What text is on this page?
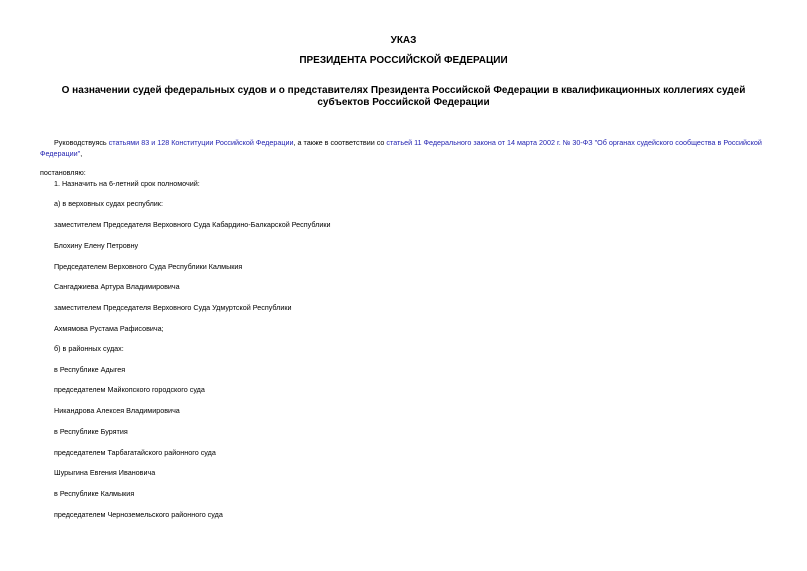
УКАЗ
ПРЕЗИДЕНТА РОССИЙСКОЙ ФЕДЕРАЦИИ
О назначении судей федеральных судов и о представителях Президента Российской Федерации в квалификационных коллегиях судей субъектов Российской Федерации
Руководствуясь статьями 83 и 128 Конституции Российской Федерации, а также в соответствии со статьей 11 Федерального закона от 14 марта 2002 г. № 30-ФЗ "Об органах судейского сообщества в Российской Федерации",
постановляю:
1. Назначить на 6-летний срок полномочий:
а) в верховных судах республик:
заместителем Председателя Верховного Суда Кабардино-Балкарской Республики
Блохину Елену Петровну
Председателем Верховного Суда Республики Калмыкия
Сангаджиева Артура Владимировича
заместителем Председателя Верховного Суда Удмуртской Республики
Ахмямова Рустама Рафисовича;
б) в районных судах:
в Республике Адыгея
председателем Майкопского городского суда
Никандрова Алексея Владимировича
в Республике Бурятия
председателем Тарбагатайского районного суда
Шурыгина Евгения Ивановича
в Республике Калмыкия
председателем Черноземельского районного суда
